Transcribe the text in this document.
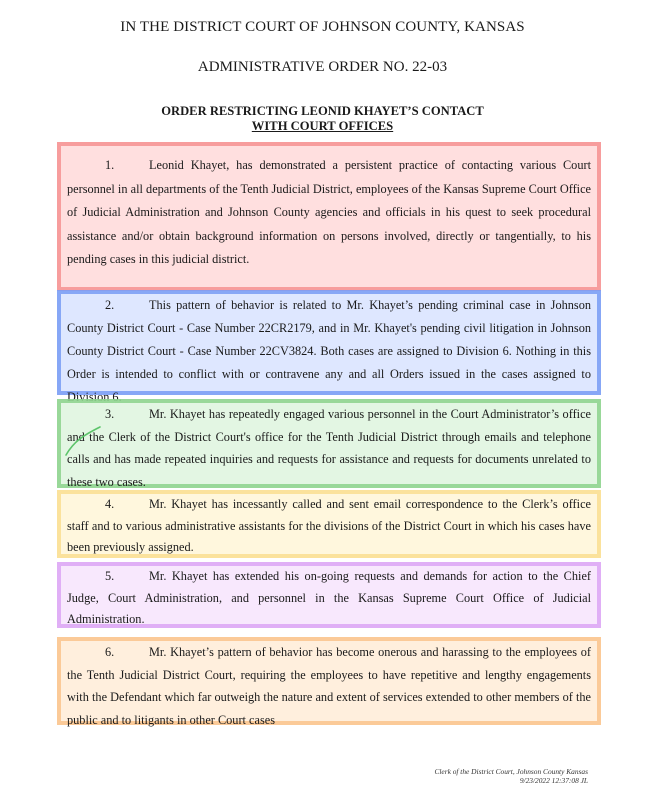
IN THE DISTRICT COURT OF JOHNSON COUNTY, KANSAS
ADMINISTRATIVE ORDER NO. 22-03
ORDER RESTRICTING LEONID KHAYET’S CONTACT
WITH COURT OFFICES

1.	Leonid Khayet, has demonstrated a persistent practice of contacting various Court personnel in all departments of the Tenth Judicial District, employees of the Kansas Supreme Court Office of Judicial Administration and Johnson County agencies and officials in his quest to seek procedural assistance and/or obtain background information on persons involved, directly or tangentially, to his pending cases in this judicial district.

2.	This pattern of behavior is related to Mr. Khayet’s pending criminal case in Johnson County District Court - Case Number 22CR2179, and in Mr. Khayet's pending civil litigation in Johnson County District Court - Case Number 22CV3824. Both cases are assigned to Division 6. Nothing in this Order is intended to conflict with or contravene any and all Orders issued in the cases assigned to Division 6.

3.	Mr. Khayet has repeatedly engaged various personnel in the Court Administrator’s office and the Clerk of the District Court's office for the Tenth Judicial District through emails and telephone calls and has made repeated inquiries and requests for assistance and requests for documents unrelated to these two cases.

4.	Mr. Khayet has incessantly called and sent email correspondence to the Clerk’s office staff and to various administrative assistants for the divisions of the District Court in which his cases have been previously assigned.

5.	Mr. Khayet has extended his on-going requests and demands for action to the Chief Judge, Court Administration, and personnel in the Kansas Supreme Court Office of Judicial Administration.

6.	Mr. Khayet’s pattern of behavior has become onerous and harassing to the employees of the Tenth Judicial District Court, requiring the employees to have repetitive and lengthy engagements with the Defendant which far outweigh the nature and extent of services extended to other members of the public and to litigants in other Court cases

Clerk of the District Court, Johnson County Kansas
9/23/2022 12:37:08 JL
